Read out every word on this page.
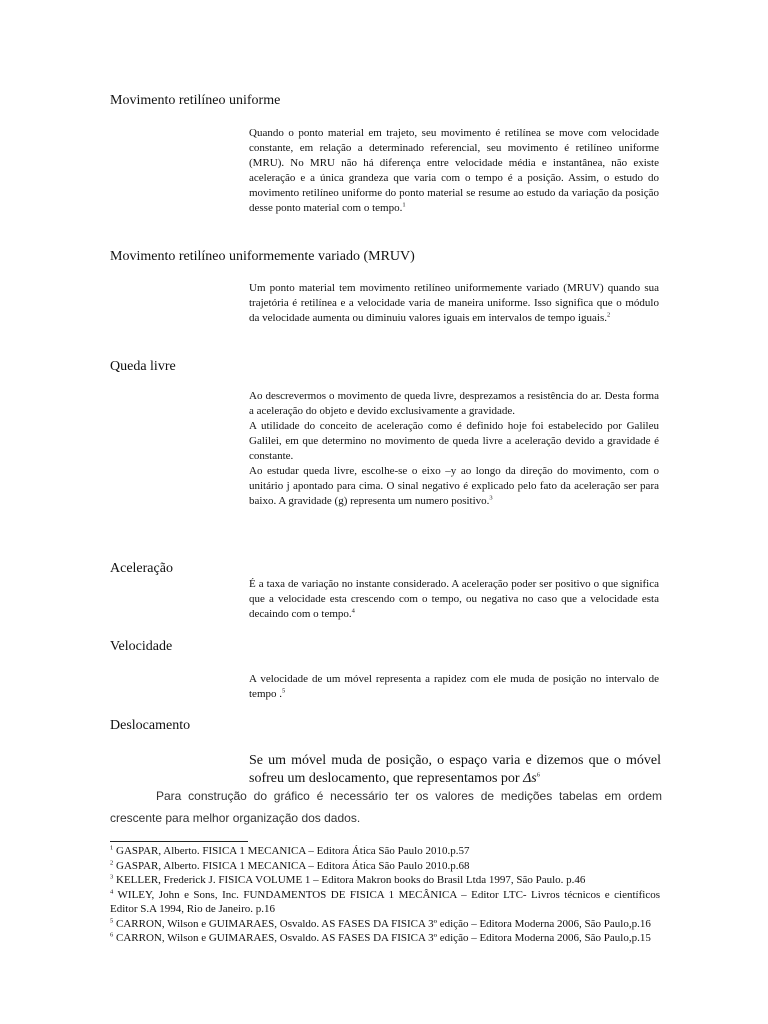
Movimento retilíneo uniforme

Quando o ponto material em trajeto, seu movimento é retilínea se move com velocidade constante, em relação a determinado referencial, seu movimento é retilíneo uniforme (MRU). No MRU não há diferença entre velocidade média e instantânea, não existe aceleração e a única grandeza que varia com o tempo é a posição. Assim, o estudo do movimento retilíneo uniforme do ponto material se resume ao estudo da variação da posição desse ponto material com o tempo.$^1$

Movimento retilíneo uniformemente variado (MRUV)

Um ponto material tem movimento retilíneo uniformemente variado (MRUV) quando sua trajetória é retilínea e a velocidade varia de maneira uniforme. Isso significa que o módulo da velocidade aumenta ou diminuiu valores iguais em intervalos de tempo iguais.$^2$

Queda livre

Ao descrevermos o movimento de queda livre, desprezamos a resistência do ar. Desta forma a aceleração do objeto e devido exclusivamente a gravidade.

A utilidade do conceito de aceleração como é definido hoje foi estabelecido por Galileu Galilei, em que determino no movimento de queda livre a aceleração devido a gravidade é constante.

Ao estudar queda livre, escolhe-se o eixo –y ao longo da direção do movimento, com o unitário j apontado para cima. O sinal negativo é explicado pelo fato da aceleração ser para baixo. A gravidade (g) representa um numero positivo.$^3$

Aceleração

É a taxa de variação no instante considerado. A aceleração poder ser positivo o que significa que a velocidade esta crescendo com o tempo, ou negativa no caso que a velocidade esta decaindo com o tempo.$^4$

Velocidade

A velocidade de um móvel representa a rapidez com ele muda de posição no intervalo de tempo .$^5$

Deslocamento
Se um móvel muda de posição, o espaço varia e dizemos que o móvel sofreu um deslocamento, que representamos por $\Delta s^6$
Para construção do gráfico é necessário ter os valores de medições tabelas em ordem crescente para melhor organização dos dados.

$^1$ GASPAR, Alberto. FISICA 1 MECANICA – Editora Ática São Paulo 2010.p.57

$^2$ GASPAR, Alberto. FISICA 1 MECANICA – Editora Ática São Paulo 2010.p.68

$^3$ KELLER, Frederick J. FISICA VOLUME 1 – Editora Makron books do Brasil Ltda 1997, São Paulo. p.46

$^4$ WILEY, John e Sons, Inc. FUNDAMENTOS DE FISICA 1 MECÂNICA – Editor LTC- Livros técnicos e científicos Editor S.A 1994, Rio de Janeiro. p.16

$^5$ CARRON, Wilson e GUIMARAES, Osvaldo. AS FASES DA FISICA 3º edição – Editora Moderna 2006, São Paulo,p.16

$^6$ CARRON, Wilson e GUIMARAES, Osvaldo. AS FASES DA FISICA 3º edição – Editora Moderna 2006, São Paulo,p.15
